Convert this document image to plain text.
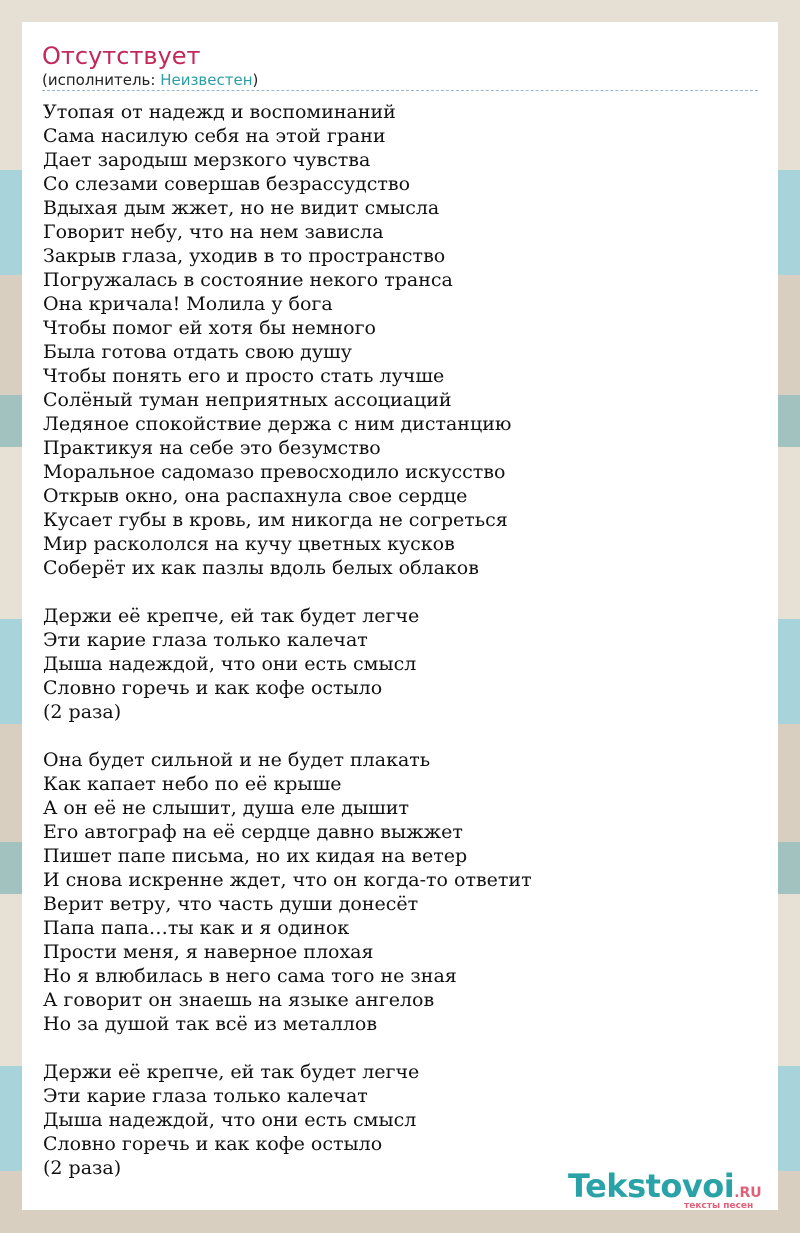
Отсутствует
(исполнитель: Неизвестен)
Утопая от надежд и воспоминаний
Сама насилую себя на этой грани
Дает зародыш мерзкого чувства
Со слезами совершав безрассудство
Вдыхая дым жжет, но не видит смысла
Говорит небу, что на нем зависла
Закрыв глаза, уходив в то пространство
Погружалась в состояние некого транса
Она кричала! Молила у бога
Чтобы помог ей хотя бы немного
Была готова отдать свою душу
Чтобы понять его и просто стать лучше
Солёный туман неприятных ассоциаций
Ледяное спокойствие держа с ним дистанцию
Практикуя на себе это безумство
Моральное садомазо превосходило искусство
Открыв окно, она распахнула свое сердце
Кусает губы в кровь, им никогда не согреться
Мир раскололся на кучу цветных кусков
Соберёт их как пазлы вдоль белых облаков
Держи её крепче, ей так будет легче
Эти карие глаза только калечат
Дыша надеждой, что они есть смысл
Словно горечь и как кофе остыло
(2 раза)
Она будет сильной и не будет плакать
Как капает небо по её крыше
А он её не слышит, душа еле дышит
Его автограф на её сердце давно выжжет
Пишет папе письма, но их кидая на ветер
И снова искренне ждет, что он когда-то ответит
Верит ветру, что часть души донесёт
Папа папа…ты как и я одинок
Прости меня, я наверное плохая
Но я влюбилась в него сама того не зная
А говорит он знаешь на языке ангелов
Но за душой так всё из металлов
Держи её крепче, ей так будет легче
Эти карие глаза только калечат
Дыша надеждой, что они есть смысл
Словно горечь и как кофе остыло
(2 раза)	Tekstovoi.RU
тексты песен
